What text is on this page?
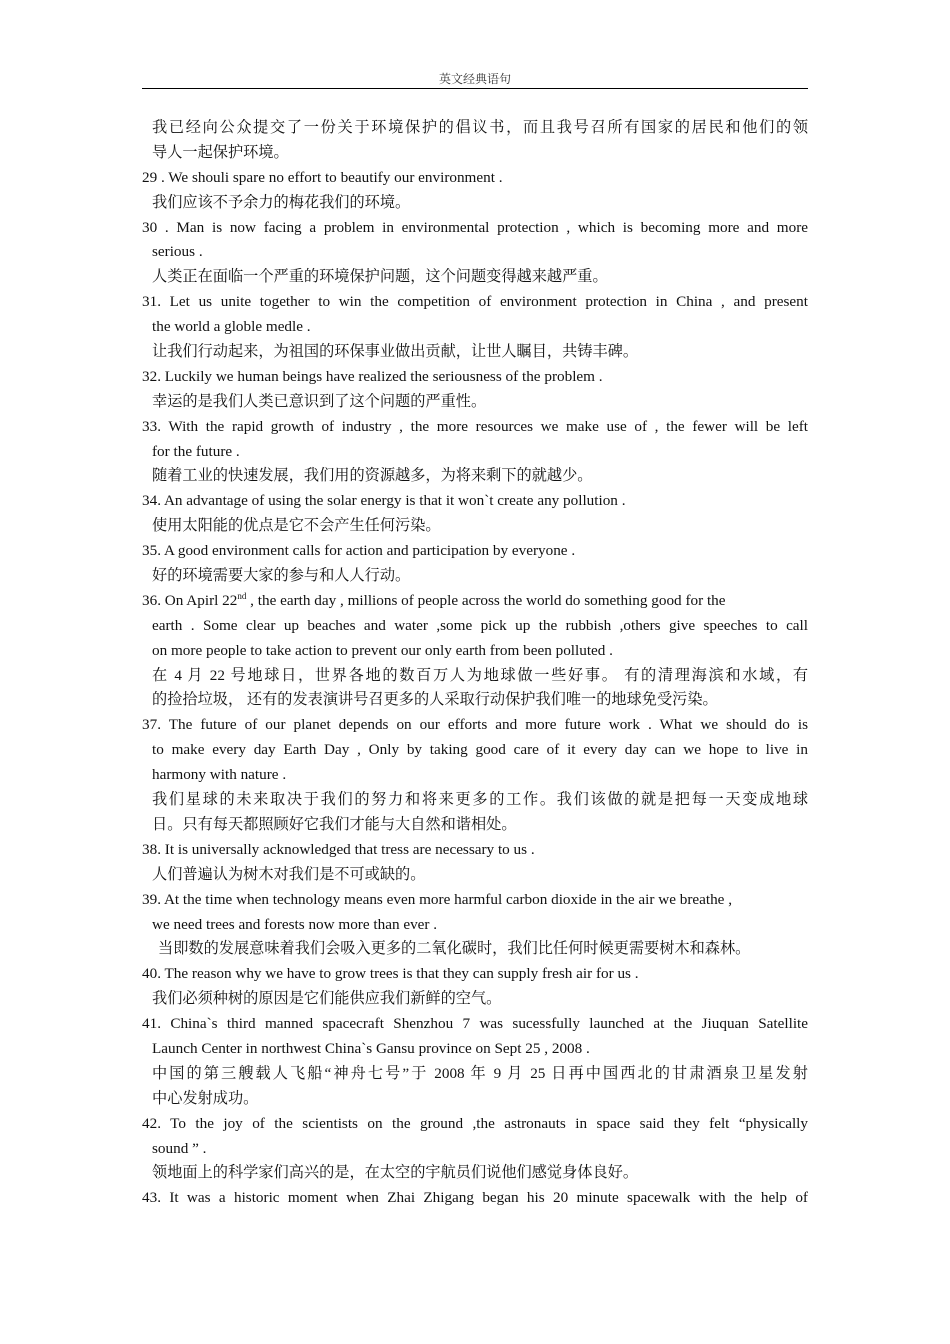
英文经典语句
我已经向公众提交了一份关于环境保护的倡议书，而且我号召所有国家的居民和他们的领
导人一起保护环境。
29 . We shouli spare no effort to beautify our environment .
我们应该不予余力的梅花我们的环境。
30 . Man is now facing a problem in environmental protection , which is becoming more and more
serious .
人类正在面临一个严重的环境保护问题，这个问题变得越来越严重。
31. Let us unite together to win the competition of environment protection in China , and present
the world a globle medle .
让我们行动起来，为祖国的环保事业做出贡献，让世人瞩目，共铸丰碑。
32. Luckily we human beings have realized the seriousness of the problem .
幸运的是我们人类已意识到了这个问题的严重性。
33. With the rapid growth of industry , the more resources we make use of , the fewer will be left
for the future .
随着工业的快速发展，我们用的资源越多，为将来剩下的就越少。
34. An advantage of using the solar energy is that it won`t create any pollution .
使用太阳能的优点是它不会产生任何污染。
35. A good environment calls for action and participation by everyone .
好的环境需要大家的参与和人人行动。
36. On Apirl 22nd , the earth day , millions of people across the world do something good for the
earth . Some clear up beaches and water ,some pick up the rubbish ,others give speeches to call
on more people to take action to prevent our only earth from been polluted .
在 4 月 22 号地球日，世界各地的数百万人为地球做一些好事。 有的清理海滨和水域，有
的捡拾垃圾， 还有的发表演讲号召更多的人采取行动保护我们唯一的地球免受污染。
37. The future of our planet depends on our efforts and more future work . What we should do is
to make every day Earth Day , Only by taking good care of it every day can we hope to live in
harmony with nature .
我们星球的未来取决于我们的努力和将来更多的工作。我们该做的就是把每一天变成地球
日。只有每天都照顾好它我们才能与大自然和谐相处。
38. It is universally acknowledged that tress are necessary to us .
人们普遍认为树木对我们是不可或缺的。
39. At the time when technology means even more harmful carbon dioxide in the air we breathe ,
we need trees and forests now more than ever .
当即数的发展意味着我们会吸入更多的二氧化碳时，我们比任何时候更需要树木和森林。
40. The reason why we have to grow trees is that they can supply fresh air for us .
我们必须种树的原因是它们能供应我们新鲜的空气。
41. China`s third manned spacecraft Shenzhou 7 was sucessfully launched at the Jiuquan Satellite
Launch Center in northwest China`s Gansu province on Sept 25 , 2008 .
中国的第三艘载人飞船“神舟七号”于 2008 年 9 月 25 日再中国西北的甘肃酒泉卫星发射
中心发射成功。
42. To the joy of the scientists on the ground ,the astronauts in space said they felt “physically
sound ” .
领地面上的科学家们高兴的是，在太空的宇航员们说他们感觉身体良好。
43. It was a historic moment when Zhai Zhigang began his 20 minute spacewalk with the help of
